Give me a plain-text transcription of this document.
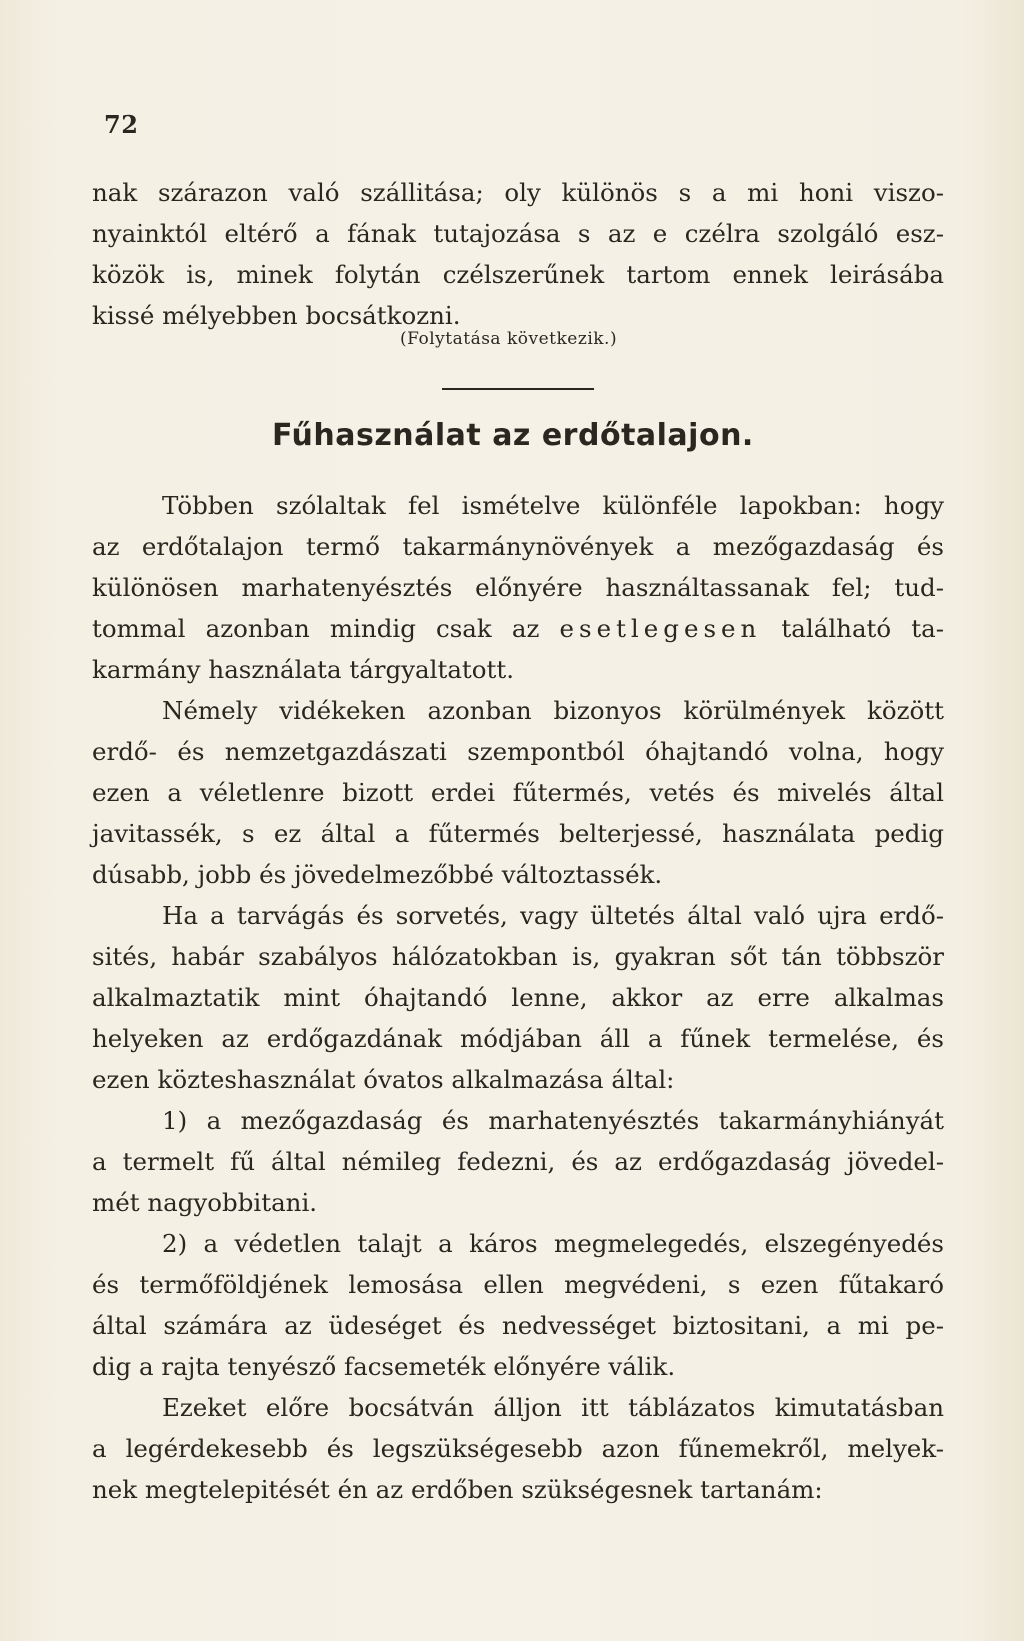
72
nak szárazon való szállitása; oly különös s a mi honi viszo-
nyainktól eltérő a fának tutajozása s az e czélra szolgáló esz-
közök is, minek folytán czélszerűnek tartom ennek leirásába
kissé mélyebben bocsátkozni.
(Folytatása következik.)
Fűhasználat az erdőtalajon.
Többen szólaltak fel ismételve különféle lapokban: hogy
az erdőtalajon termő takarmánynövények a mezőgazdaság és
különösen marhatenyésztés előnyére használtassanak fel; tud-
tommal azonban mindig csak az esetlegesen található ta-
karmány használata tárgyaltatott.
Némely vidékeken azonban bizonyos körülmények között
erdő- és nemzetgazdászati szempontból óhajtandó volna, hogy
ezen a véletlenre bizott erdei fűtermés, vetés és mivelés által
javitassék, s ez által a fűtermés belterjessé, használata pedig
dúsabb, jobb és jövedelmezőbbé változtassék.
Ha a tarvágás és sorvetés, vagy ültetés által való ujra erdő-
sités, habár szabályos hálózatokban is, gyakran sőt tán többször
alkalmaztatik mint óhajtandó lenne, akkor az erre alkalmas
helyeken az erdőgazdának módjában áll a fűnek termelése, és
ezen közteshasználat óvatos alkalmazása által:
1) a mezőgazdaság és marhatenyésztés takarmányhiányát
a termelt fű által némileg fedezni, és az erdőgazdaság jövedel-
mét nagyobbitani.
2) a védetlen talajt a káros megmelegedés, elszegényedés
és termőföldjének lemosása ellen megvédeni, s ezen fűtakaró
által számára az üdeséget és nedvességet biztositani, a mi pe-
dig a rajta tenyésző facsemeték előnyére válik.
Ezeket előre bocsátván álljon itt táblázatos kimutatásban
a legérdekesebb és legszükségesebb azon fűnemekről, melyek-
nek megtelepitését én az erdőben szükségesnek tartanám:
